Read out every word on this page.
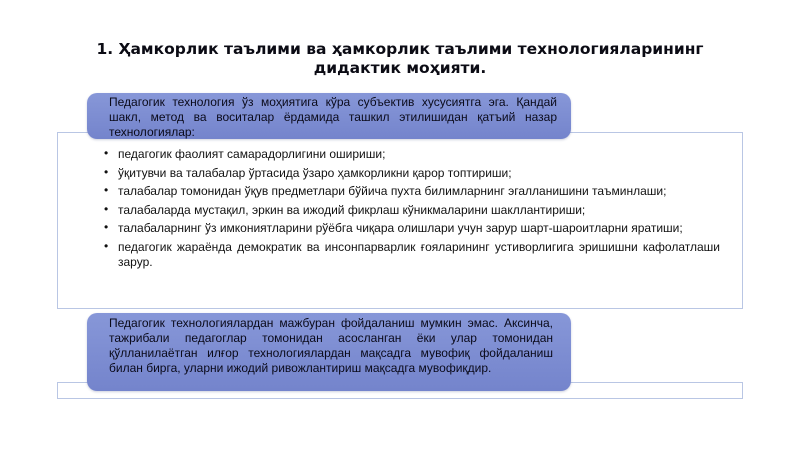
1. Ҳамкорлик таълими ва ҳамкорлик таълими технологияларининг дидактик моҳияти.
Педагогик технология ўз моҳиятига кўра субъектив хусусиятга эга. Қандай шакл, метод ва воситалар ёрдамида ташкил этилишидан қатъий назар технологиялар:
• педагогик фаолият самарадорлигини ошириши;
• ўқитувчи ва талабалар ўртасида ўзаро ҳамкорликни қарор топтириши;
• талабалар томонидан ўқув предметлари бўйича пухта билимларнинг эгалланишини таъминлаши;
• талабаларда мустақил, эркин ва ижодий фикрлаш кўникмаларини шакллантириши;
• талабаларнинг ўз имкониятларини рўёбга чиқара олишлари учун зарур шарт-шароитларни яратиши;
• педагогик жараёнда демократик ва инсонпарварлик ғояларининг устиворлигига эришишни кафолатлаши зарур.
Педагогик технологиялардан мажбуран фойдаланиш мумкин эмас. Аксинча, тажрибали педагоглар томонидан асосланган ёки улар томонидан қўлланилаётган илғор технологиялардан мақсадга мувофиқ фойдаланиш билан бирга, уларни ижодий ривожлантириш мақсадга мувофиқдир.
